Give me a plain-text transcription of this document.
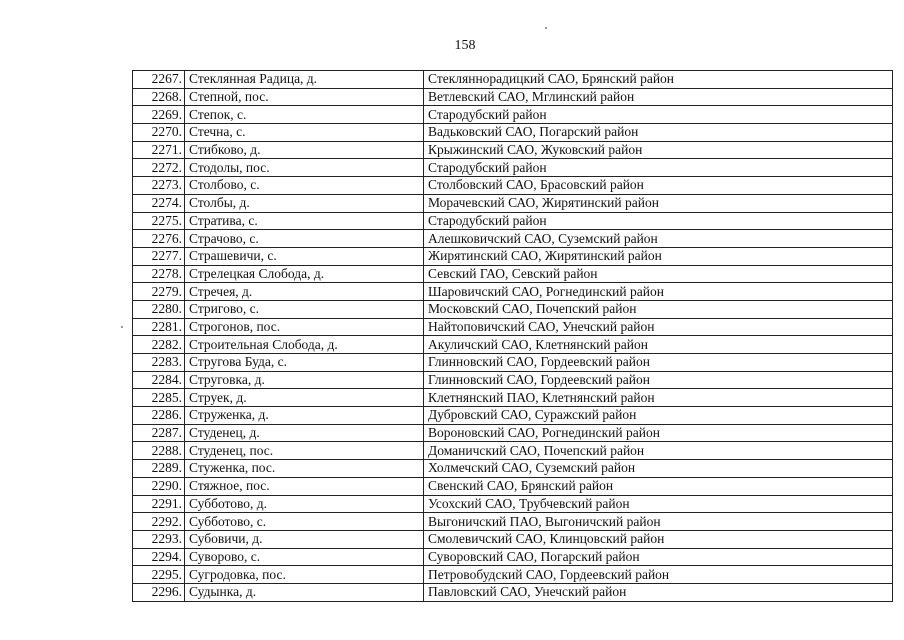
158
2267.	Стеклянная Радица, д.	Стекляннорадицкий САО, Брянский район
2268.	Степной, пос.	Ветлевский САО, Мглинский район
2269.	Степок, с.	Стародубский район
2270.	Стечна, с.	Вадьковский САО, Погарский район
2271.	Стибково, д.	Крыжинский САО, Жуковский район
2272.	Стодолы, пос.	Стародубский район
2273.	Столбово, с.	Столбовский САО, Брасовский район
2274.	Столбы, д.	Морачевский САО, Жирятинский район
2275.	Стратива, с.	Стародубский район
2276.	Страчово, с.	Алешковичский САО, Суземский район
2277.	Страшевичи, с.	Жирятинский САО, Жирятинский район
2278.	Стрелецкая Слобода, д.	Севский ГАО, Севский район
2279.	Стречея, д.	Шаровичский САО, Рогнединский район
2280.	Стригово, с.	Московский САО, Почепский район
2281.	Строгонов, пос.	Найтоповичский САО, Унечский район
2282.	Строительная Слобода, д.	Акуличский САО, Клетнянский район
2283.	Стругова Буда, с.	Глинновский САО, Гордеевский район
2284.	Струговка, д.	Глинновский САО, Гордеевский район
2285.	Струек, д.	Клетнянский ПАО, Клетнянский район
2286.	Струженка, д.	Дубровский САО, Суражский район
2287.	Студенец, д.	Вороновский САО, Рогнединский район
2288.	Студенец, пос.	Доманичский САО, Почепский район
2289.	Стуженка, пос.	Холмечский САО, Суземский район
2290.	Стяжное, пос.	Свенский САО, Брянский район
2291.	Субботово, д.	Усохский САО, Трубчевский район
2292.	Субботово, с.	Выгоничский ПАО, Выгоничский район
2293.	Субовичи, д.	Смолевичский САО, Клинцовский район
2294.	Суворово, с.	Суворовский САО, Погарский район
2295.	Сугродовка, пос.	Петровобудский САО, Гордеевский район
2296.	Судынка, д.	Павловский САО, Унечский район
